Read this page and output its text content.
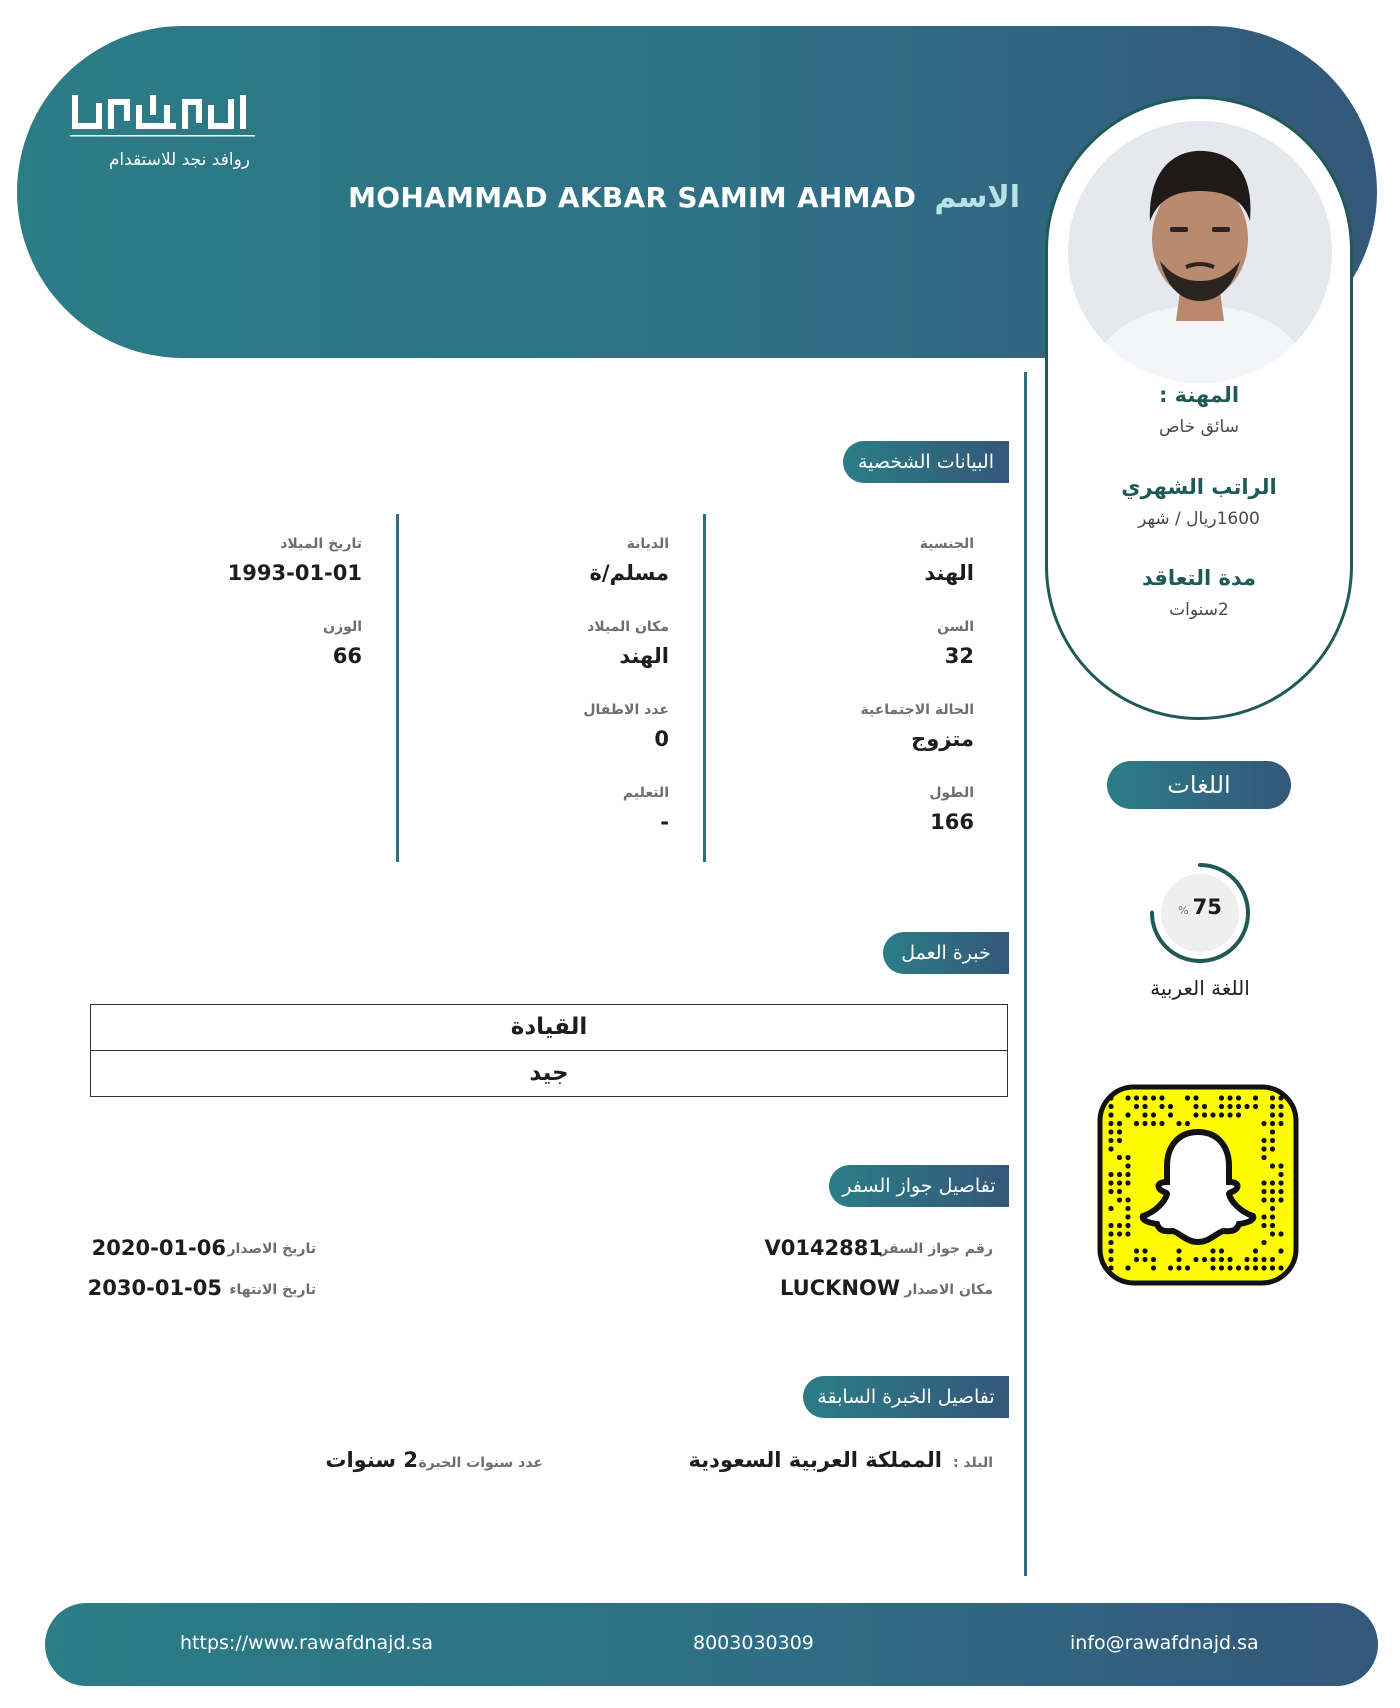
روافد نجد للاستقدام
الاسم
MOHAMMAD AKBAR SAMIM AHMAD
المهنة :
سائق خاص
الراتب الشهري
1600ريال / شهر
مدة التعاقد
2سنوات
البيانات الشخصية
الجنسية
الهند
السن
32
الحالة الاجتماعية
متزوج
الطول
166
الديانة
مسلم/ة
مكان الميلاد
الهند
عدد الاطفال
0
التعليم
-
تاريخ الميلاد
1993-01-01
الوزن
66
خبرة العمل
القيادة
جيد
تفاصيل جواز السفر
رقم جواز السفر
V0142881
مكان الاصدار
LUCKNOW
تاريخ الاصدار
2020-01-06
تاريخ الانتهاء
2030-01-05
تفاصيل الخبرة السابقة
البلد :
المملكة العربية السعودية
عدد سنوات الخبرة
2 سنوات
اللغات
% 75
اللغة العربية
https://www.rawafdnajd.sa	8003030309	info@rawafdnajd.sa
